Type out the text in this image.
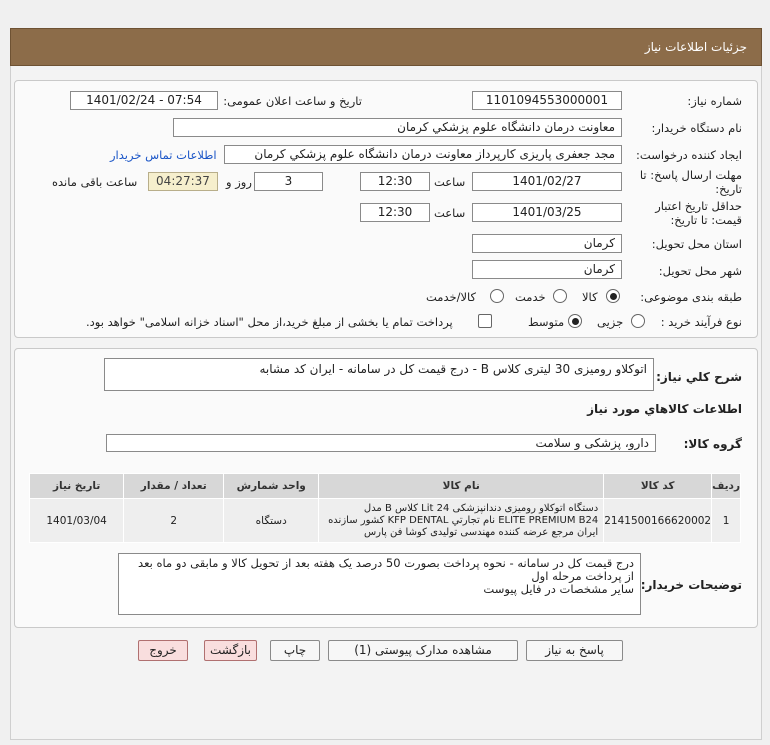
جزئیات اطلاعات نیاز
شماره نیاز:
1101094553000001
تاریخ و ساعت اعلان عمومی:
1401/02/24 - 07:54
نام دستگاه خریدار:
معاونت درمان دانشگاه علوم پزشکي کرمان
ایجاد کننده درخواست:
مجد جعفری پاریزی کارپرداز معاونت درمان دانشگاه علوم پزشکي کرمان
اطلاعات تماس خریدار
مهلت ارسال پاسخ: تا
تاریخ:
1401/02/27
ساعت
12:30
3
روز و
04:27:37
ساعت باقی مانده
حداقل تاریخ اعتبار
قیمت: تا تاریخ:
1401/03/25
ساعت
12:30
استان محل تحویل:
کرمان
شهر محل تحویل:
کرمان
طبقه بندی موضوعی:
کالا
خدمت
کالا/خدمت
نوع فرآیند خرید :
جزیی
متوسط
پرداخت تمام یا بخشی از مبلغ خرید،از محل "اسناد خزانه اسلامی" خواهد بود.
شرح کلي نیاز:
اتوکلاو رومیزی 30 لیتری کلاس B - درج قیمت کل در سامانه - ایران کد مشابه
اطلاعات کالاهاي مورد نیاز
گروه کالا:
دارو، پزشکی و سلامت
ردیف	کد کالا	نام کالا	واحد شمارش	تعداد / مقدار	تاریخ نیاز
1	2141500166620002	دستگاه اتوکلاو رومیزی دندانپزشکی 24 Lit کلاس B مدل
ELITE PREMIUM B24 نام تجارتي KFP DENTAL کشور سازنده
ایران مرجع عرضه کننده مهندسی تولیدی کوشا فن پارس	دستگاه	2	1401/03/04
توضیحات خریدار:
درج قیمت کل در سامانه - نحوه پرداخت بصورت 50 درصد یک هفته بعد از تحویل کالا و مابقی دو ماه بعد
از پرداخت مرحله اول
سایر مشخصات در فایل پیوست
پاسخ به نیاز
مشاهده مدارک پیوستی (1)
چاپ
بازگشت
خروج
